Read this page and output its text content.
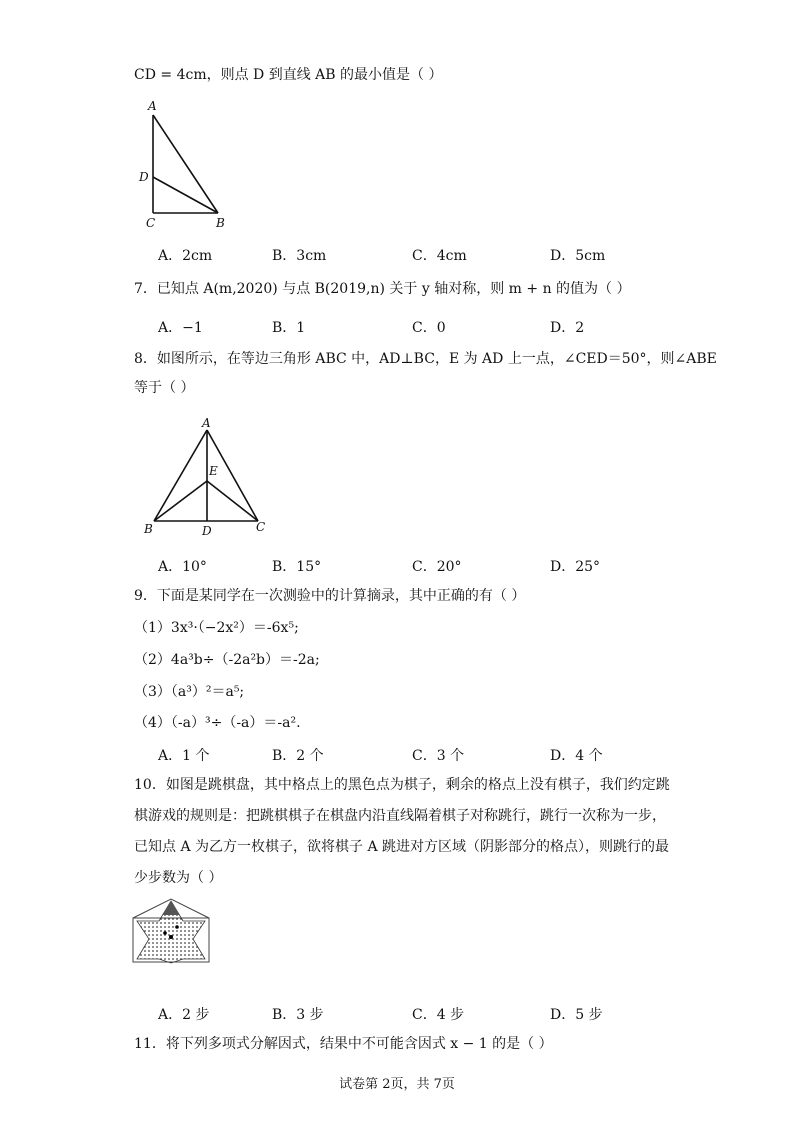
CD = 4cm，则点 D 到直线 AB 的最小值是（ ）
A
D
C	B
A．2cm	B．3cm	C．4cm	D．5cm
7．已知点 A(m,2020) 与点 B(2019,n) 关于 y 轴对称，则 m + n 的值为（ ）
A．−1	B．1	C．0	D．2
8．如图所示，在等边三角形 ABC 中，AD⊥BC，E 为 AD 上一点，∠CED＝50°，则∠ABE
等于（ ）
A
E
B	D	C
A．10°	B．15°	C．20°	D．25°
9．下面是某同学在一次测验中的计算摘录，其中正确的有（ ）
（1）3x³·（−2x²）＝-6x⁵;
（2）4a³b÷（-2a²b）＝-2a;
（3）（a³）²＝a⁵;
（4）（-a）³÷（-a）＝-a².
A．1 个	B．2 个	C．3 个	D．4 个
10．如图是跳棋盘，其中格点上的黑色点为棋子，剩余的格点上没有棋子，我们约定跳
棋游戏的规则是：把跳棋棋子在棋盘内沿直线隔着棋子对称跳行，跳行一次称为一步，
已知点 A 为乙方一枚棋子，欲将棋子 A 跳进对方区域（阴影部分的格点），则跳行的最
少步数为（ ）
A．2 步	B．3 步	C．4 步	D．5 步
11．将下列多项式分解因式，结果中不可能含因式 x − 1 的是（ ）
试卷第 2页，共 7页
